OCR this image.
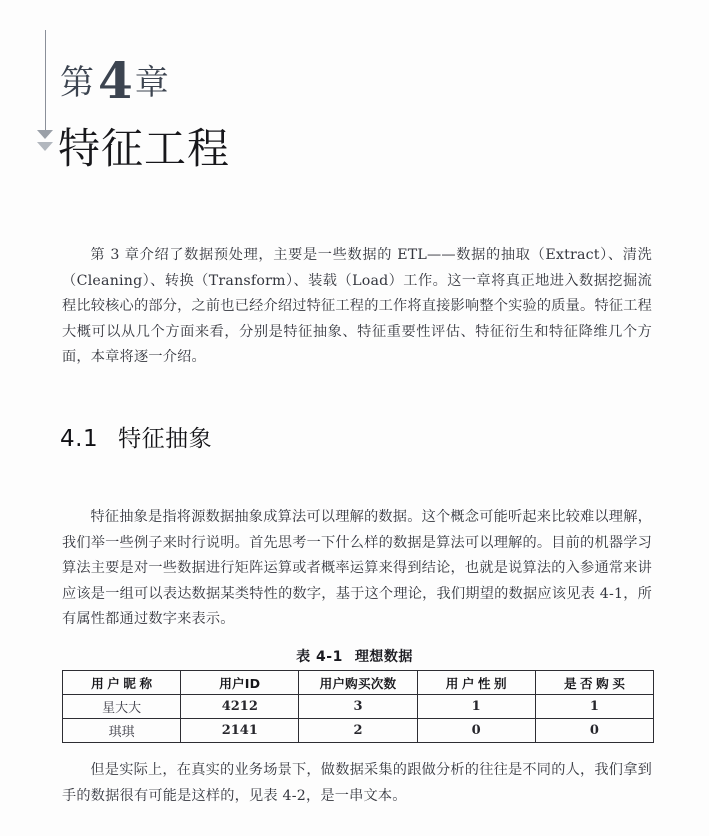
第4章
特征工程

第 3 章介绍了数据预处理，主要是一些数据的 ETL——数据的抽取（Extract）、清洗（Cleaning）、转换（Transform）、装载（Load）工作。这一章将真正地进入数据挖掘流程比较核心的部分，之前也已经介绍过特征工程的工作将直接影响整个实验的质量。特征工程大概可以从几个方面来看，分别是特征抽象、特征重要性评估、特征衍生和特征降维几个方面，本章将逐一介绍。

4.1 特征抽象

特征抽象是指将源数据抽象成算法可以理解的数据。这个概念可能听起来比较难以理解，我们举一些例子来时行说明。首先思考一下什么样的数据是算法可以理解的。目前的机器学习算法主要是对一些数据进行矩阵运算或者概率运算来得到结论，也就是说算法的入参通常来讲应该是一组可以表达数据某类特性的数字，基于这个理论，我们期望的数据应该见表 4-1，所有属性都通过数字来表示。

表 4-1 理想数据
用户昵称	用户ID	用户购买次数	用户性别	是否购买
星大大	4212	3	1	1
琪琪	2141	2	0	0

但是实际上，在真实的业务场景下，做数据采集的跟做分析的往往是不同的人，我们拿到手的数据很有可能是这样的，见表 4-2，是一串文本。
